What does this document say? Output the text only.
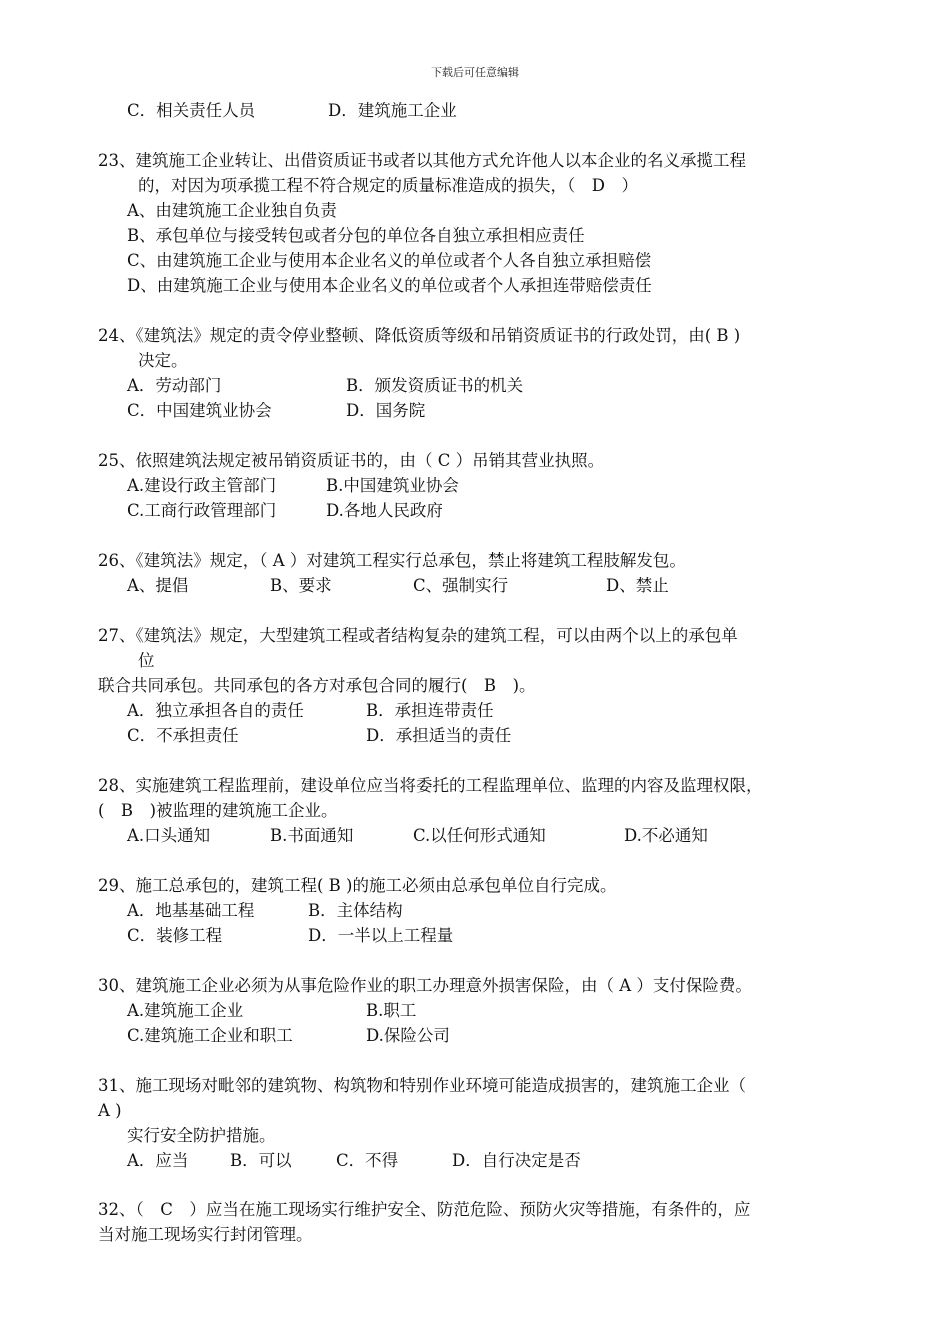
下载后可任意编辑
C．相关责任人员	D．建筑施工企业
23、建筑施工企业转让、出借资质证书或者以其他方式允许他人以本企业的名义承揽工程
的，对因为项承揽工程不符合规定的质量标准造成的损失，（　D　）
A、由建筑施工企业独自负责
B、承包单位与接受转包或者分包的单位各自独立承担相应责任
C、由建筑施工企业与使用本企业名义的单位或者个人各自独立承担赔偿
D、由建筑施工企业与使用本企业名义的单位或者个人承担连带赔偿责任
24、《建筑法》规定的责令停业整顿、降低资质等级和吊销资质证书的行政处罚，由( B )
决定。
A．劳动部门	B．颁发资质证书的机关
C．中国建筑业协会	D．国务院
25、依照建筑法规定被吊销资质证书的，由（ C ）吊销其营业执照。
A.建设行政主管部门	B.中国建筑业协会
C.工商行政管理部门	D.各地人民政府
26、《建筑法》规定，（ A ）对建筑工程实行总承包，禁止将建筑工程肢解发包。
A、提倡	B、要求	C、强制实行	D、禁止
27、《建筑法》规定，大型建筑工程或者结构复杂的建筑工程，可以由两个以上的承包单
位
联合共同承包。共同承包的各方对承包合同的履行(　B　)。
A．独立承担各自的责任	B．承担连带责任
C．不承担责任	D．承担适当的责任
28、实施建筑工程监理前，建设单位应当将委托的工程监理单位、监理的内容及监理权限，
(　B　)被监理的建筑施工企业。
A.口头通知	B.书面通知	C.以任何形式通知	D.不必通知
29、施工总承包的，建筑工程( B )的施工必须由总承包单位自行完成。
A．地基基础工程	B．主体结构
C．装修工程	D．一半以上工程量
30、建筑施工企业必须为从事危险作业的职工办理意外损害保险，由（ A ）支付保险费。
A.建筑施工企业	B.职工
C.建筑施工企业和职工	D.保险公司
31、施工现场对毗邻的建筑物、构筑物和特别作业环境可能造成损害的，建筑施工企业（
A )
实行安全防护措施。
A．应当	B．可以	C．不得	D．自行决定是否
32、（　C　）应当在施工现场实行维护安全、防范危险、预防火灾等措施，有条件的，应
当对施工现场实行封闭管理。
